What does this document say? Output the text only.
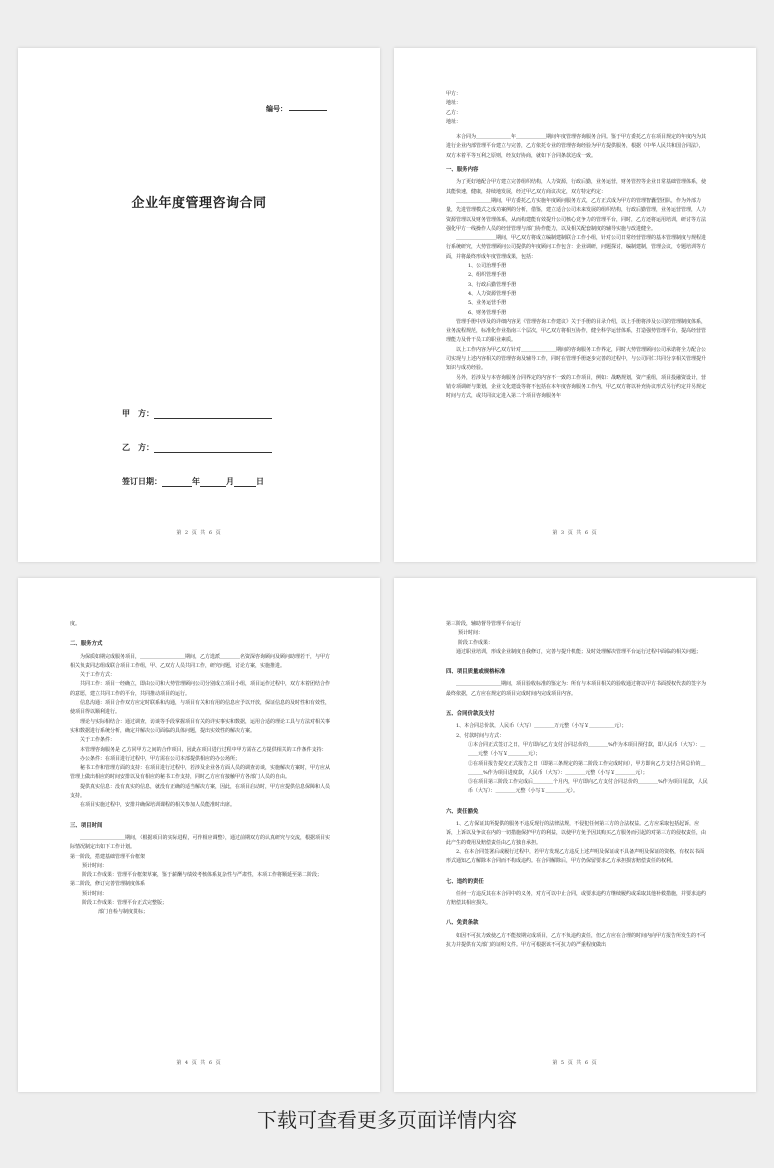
编号：
企业年度管理咨询合同
甲　方：
乙　方：
签订日期：	年	月	日
第 2 页 共 6 页

甲方：

地址：

乙方：

地址：

本合同为＿＿＿＿＿＿＿年＿＿＿＿＿＿期间年度管理咨询服务合同。鉴于甲方委托乙方在项目规定的年度内为其进行企业内部管理平台建立与完善，乙方依托专业的管理咨询经验为甲方提供服务，根据《中华人民共和国合同法》，双方本着平等互利之原则，经友好协商，就如下合同条款达成一致。

一、服务内容

为了更好地配合甲方建立完善组织结构，人力资源，行政后勤，业务运营，财务管控等企业日常基础管理体系，使其能快速，健康，持续地发展，经过甲乙双方商议决定，双方特定约定：

＿＿＿＿＿＿＿期间，甲方委托乙方实施年度顾问服务方式，乙方正式成为甲方的管理智囊型团队，作为外部力量，先进管理模式之成功案例的分析，借鉴，建立适合公司未来发展的组织结构，行政后勤管理，业务运营管理，人力资源管理以及财务管理体系，从而构建能有效提升公司核心竞争力的管理平台，同时，乙方还将运用培训，研讨等方法强化甲方一线操作人员的经营管理与部门协作能力，以及相关配套制度的辅导实施与改进健全。

＿＿＿＿＿＿＿＿期间，甲乙双方将成立编制建制联合工作小组，针对公司日常经营管理的基本管理制度与规程进行系统研究，大势管理顾问公司提供的年度顾问工作包含：企业调研，问题探讨，编制建制，管理会议，专题培训等方面，并将最终形成年度管理成果，包括：

1、公司治理手册

2、组织管理手册

3、行政后勤管理手册

4、人力资源管理手册

5、业务运营手册

6、财务管理手册

管理手册中涉及的详细内容见《管理咨询工作建议》关于手册的目录介绍，以上手册将涉及公司的管理制度体系，业务流程规范，标准化作业指南三个层次，甲乙双方将相互协作，健全科学运营体系，打造强势管理平台，提高经营管理能力及骨干员工的职业素质。

以上工作内容为甲乙双方针对＿＿＿＿＿＿＿期间的咨询服务工作界定，同时大势管理顾问公司承诺将全力配合公司实现与上述内容相关的管理咨询及辅导工作，同时在管理手册逐步完善的过程中，与公司同仁共同分享相关管理提升知识与成功经验。

另外，若涉及与本咨询服务合同界定的内容不一致的工作项目，例如：战略规划，资产重组，项目投融资设计，营销专项调研与策划，企业文化建设等将不包括在本年度咨询服务工作内，甲乙双方将以补充协议形式另行约定并另规定时间与方式，或共同议定进入第二个项目咨询服务年

第 3 页 共 6 页

度。

二、服务方式

为保质如期完成服务项目，＿＿＿＿＿＿＿＿＿期间，乙方选派＿＿＿＿名资深咨询顾问及顾问助理若干，与甲方相关负责同志组成联合项目工作组，甲、乙双方人员共同工作，研究问题，讨论方案，实施推进。

关于工作方式：

共同工作：项目一经确立，即由公司和大势管理顾问公司分别成立项目小组，项目运作过程中，双方本着团结合作的意愿，建立共同工作的平台，共同推动项目的运行。

信息沟通：项目合作双方应定时联系和沟通，与项目有关和有用的信息应予以开放，保证信息的及时性和有效性，使项目得以顺利进行。

理论与实际相结合：通过调查，访谈等手段掌握项目有关的详实事实和数据，运用合适的理论工具与方法对相关事实和数据进行系统分析，确定并解决公司面临的具体问题，提出实效性的解决方案。

关于工作条件：

本管理咨询服务是 乙方同甲方之间的合作项目，因此在项目进行过程中甲方需在乙方提供相关的工作条件支持：

办公条件：在项目进行过程中，甲方需在公司本部提供相应的办公场所；

秘书工作和管理方面的支持：在项目进行过程中，若涉及企业各方面人员的调查访谈，实施解决方案时，甲方应从管理上做出相应的时间安排以及有相应的秘书工作支持，同时乙方应有接触甲方各部门人员的自由。

提供真实信息：没有真实的信息，就没有正确的适当解决方案，因此，在项目启动时，甲方应提供信息保障和人员支持。

在项目实施过程中，安排并确保培训课程的相关参加人员能准时出席。

三、项目时间

＿＿＿＿＿＿＿＿＿期间，（根据项目的实际进程，可作相应调整），通过前期双方的认真研究与交流，根据项目实际情况制定出如下工作计划。

第一阶段，搭建基础管理平台框架

预计时间：

阶段工作成果：管理平台框架草案，鉴于薪酬与绩效考核体系复杂性与严肃性，本项工作将顺延至第二阶段；

第二阶段，修订完善管理制度体系

预计时间：

阶段工作成果：管理平台正式完整版；

部门自检与制度贯标；

第 4 页 共 6 页

第三阶段，辅助督导管理平台运行

预计时间：

阶段工作成果：

通过职业培训，形成企业制度自我修订，完善与提升机能；及时处理解决管理平台运行过程中面临的相关问题；

四、项目质量或规格标准

＿＿＿＿＿＿＿＿＿期间，项目验收标准的鉴定为：所有与本项目相关的验收通过将以甲方书面授权代表的签字为最终依据，乙方应在规定的项目完成时间内完成项目内容。

五、合同价款及支付

1、本合同总价款，人民币（大写）＿＿＿＿万元整（小写￥＿＿＿＿＿元）；

2、付款时间与方式：

①本合同正式签订之日，甲方即向乙方支付合同总价的＿＿＿＿%作为本项目预付款，即人民币（大写）：＿＿＿元整（小写￥＿＿＿＿元）；

②在项目报告提交正式报告之日（即第三条规定的第二阶段工作完成时间），甲方即向乙方支付合同总价的＿＿＿＿%作为项目进度款，人民币（大写）：＿＿＿＿元整（小写￥＿＿＿＿元）；

③在项目第三阶段工作完成后＿＿＿＿个月内，甲方即向乙方支付合同总价的＿＿＿＿%作为项目尾款，人民币（大写）：＿＿＿＿元整（小写￥＿＿＿＿元）。

六、责任豁免

1、乙方保证其所提供的服务不违反现行的法律法规，不侵犯任何第三方的合法权益。乙方应采取包括起诉，应诉，上诉以及争议在内的一切措施保护甲方的利益，以使甲方免予因其购买乙方服务而引起的对第三方的侵权责任，由此产生的费用及赔偿责任由乙方独自承担。

2、在本合同签署后或履行过程中，若甲方发现乙方违反上述声明及保证或不具备声明及保证的资格，有权以书面形式通知乙方解除本合同而不构成违约。在合同解除后，甲方仍保留要求乙方承担损害赔偿责任的权利。

七、违约的责任

任何一方违反其在本合同中的义务，对方可以中止合同，或要求违约方继续履约或采取其他补救措施，并要求违约方赔偿其相应损失。

八、免责条款

如因不可抗力致使乙方不能按期完成项目，乙方不负违约责任，但乙方应在合理的时间内向甲方报告所发生的不可抗力并提供有关部门的证明文件。甲方可根据该不可抗力的严重程度做出

第 5 页 共 6 页
下载可查看更多页面详情内容
